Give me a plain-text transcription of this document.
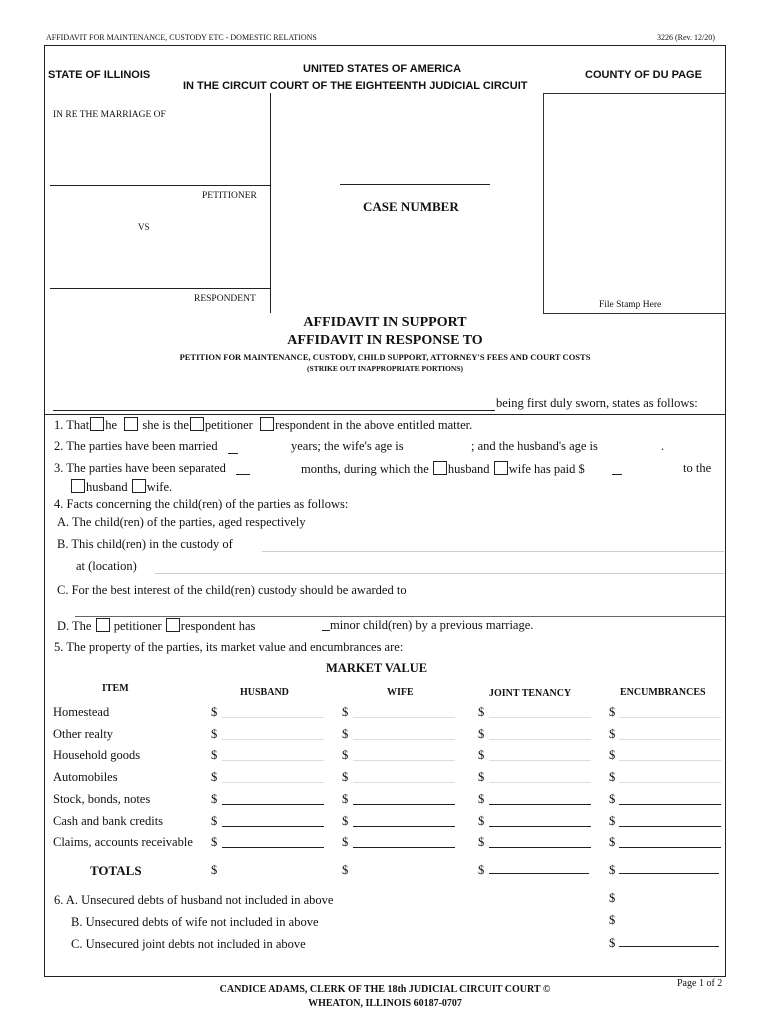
AFFIDAVIT FOR MAINTENANCE, CUSTODY ETC - DOMESTIC RELATIONS	3226 (Rev. 12/20)
STATE OF ILLINOIS	UNITED STATES OF AMERICA
IN THE CIRCUIT COURT OF THE EIGHTEENTH JUDICIAL CIRCUIT
COUNTY OF DU PAGE
IN RE THE MARRIAGE OF
PETITIONER
VS
RESPONDENT
CASE NUMBER
File Stamp Here
AFFIDAVIT IN SUPPORT
AFFIDAVIT IN RESPONSE TO
PETITION FOR MAINTENANCE, CUSTODY, CHILD SUPPORT, ATTORNEY'S FEES AND COURT COSTS
(STRIKE OUT INAPPROPRIATE PORTIONS)
being first duly sworn, states as follows:
1. That he she is the petitioner respondent in the above entitled matter.
2. The parties have been married	years; the wife's age is	; and the husband's age is	.
3. The parties have been separated	months, during which the husband wife has paid $	to the
husband wife.
4. Facts concerning the child(ren) of the parties as follows:
A. The child(ren) of the parties, aged respectively
B. This child(ren) in the custody of
at (location)
C. For the best interest of the child(ren) custody should be awarded to
D. The petitioner respondent has	minor child(ren) by a previous marriage.
5. The property of the parties, its market value and encumbrances are:
MARKET VALUE
ITEM	HUSBAND	WIFE	JOINT TENANCY	ENCUMBRANCES
Homestead	$	$	$	$
Other realty	$	$	$	$
Household goods	$	$	$	$
Automobiles	$	$	$	$
Stock, bonds, notes	$	$	$	$
Cash and bank credits	$	$	$	$
Claims, accounts receivable $	$	$	$
TOTALS	$	$	$	$
6. A. Unsecured debts of husband not included in above	$
B. Unsecured debts of wife not included in above	$
C. Unsecured joint debts not included in above	$
CANDICE ADAMS, CLERK OF THE 18th JUDICIAL CIRCUIT COURT ©
WHEATON, ILLINOIS 60187-0707
Page 1 of 2
